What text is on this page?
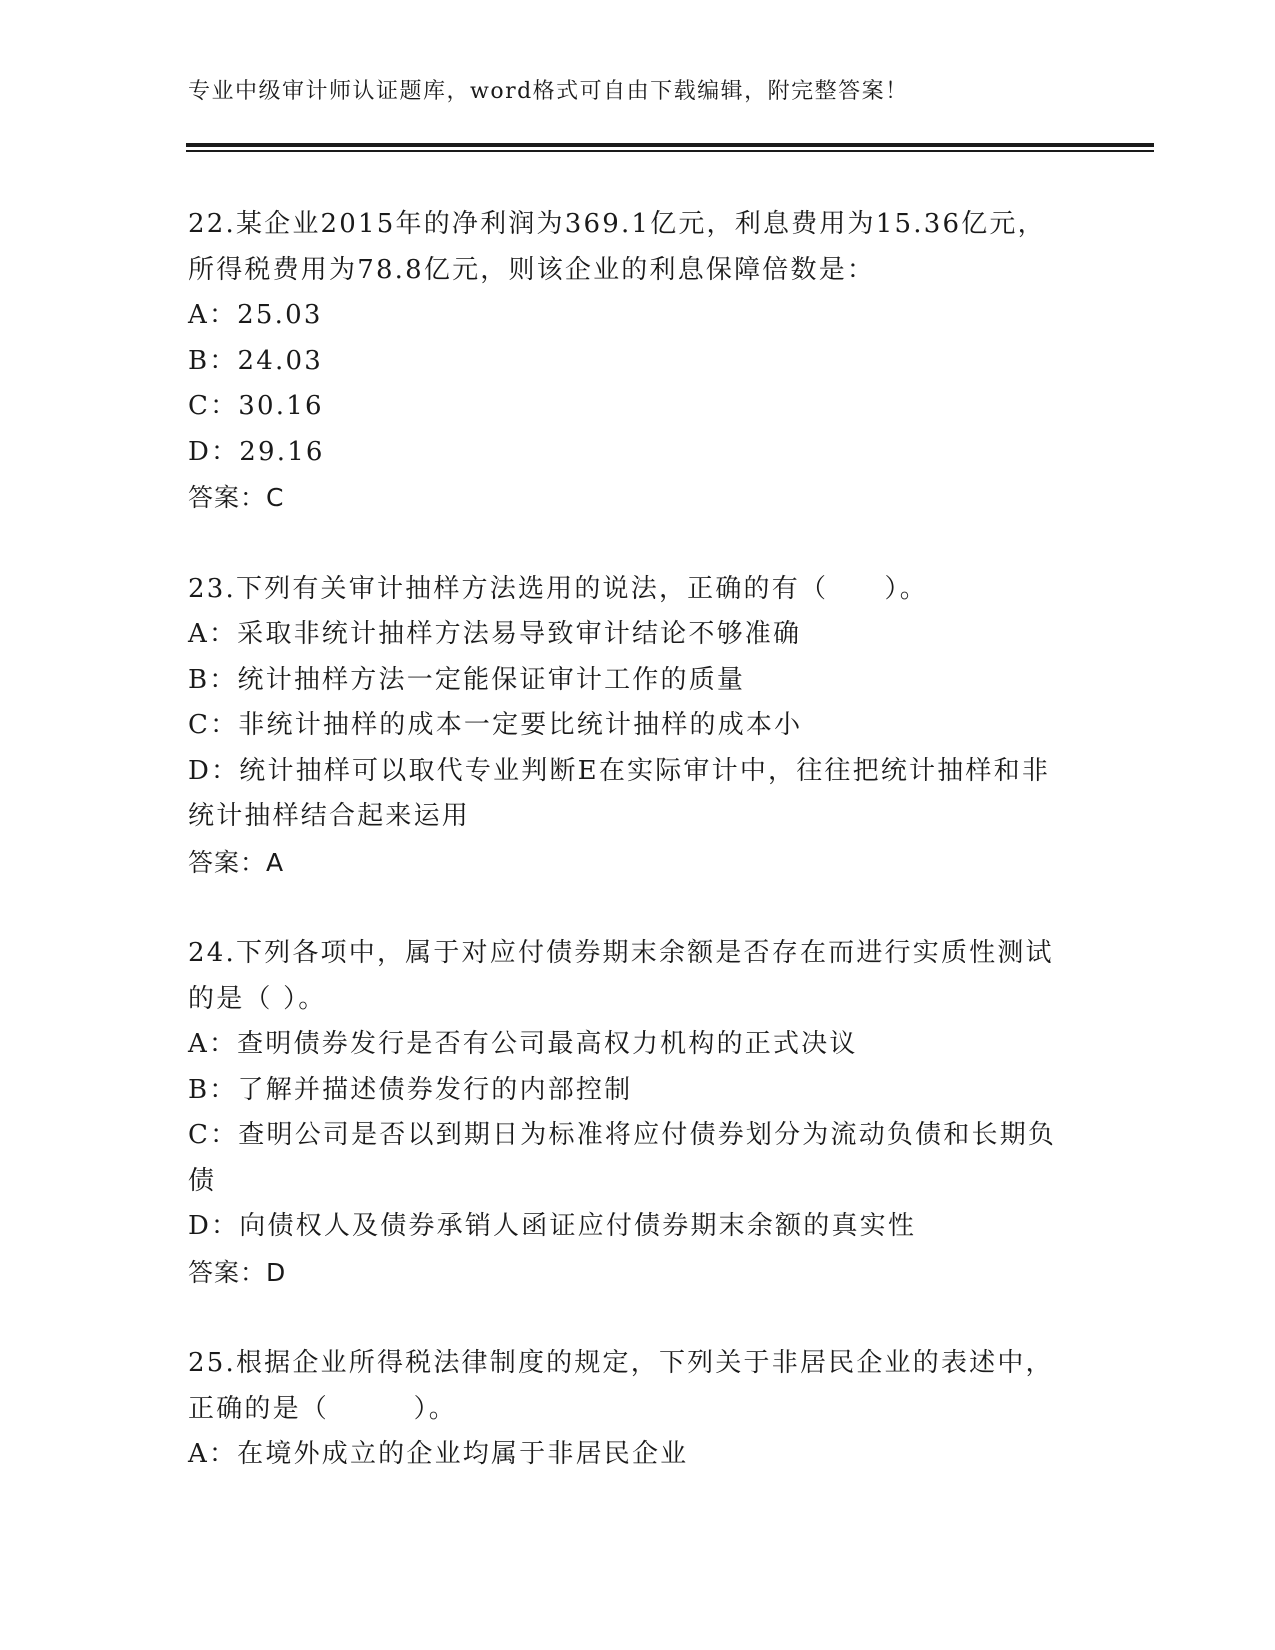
专业中级审计师认证题库，word格式可自由下载编辑，附完整答案！
22.某企业2015年的净利润为369.1亿元，利息费用为15.36亿元，
所得税费用为78.8亿元，则该企业的利息保障倍数是：
A：25.03
B：24.03
C：30.16
D：29.16
答案：C
23.下列有关审计抽样方法选用的说法，正确的有（　　）。
A：采取非统计抽样方法易导致审计结论不够准确
B：统计抽样方法一定能保证审计工作的质量
C：非统计抽样的成本一定要比统计抽样的成本小
D：统计抽样可以取代专业判断E在实际审计中，往往把统计抽样和非
统计抽样结合起来运用
答案：A
24.下列各项中，属于对应付债券期末余额是否存在而进行实质性测试
的是（ ）。
A：查明债券发行是否有公司最高权力机构的正式决议
B：了解并描述债券发行的内部控制
C：查明公司是否以到期日为标准将应付债券划分为流动负债和长期负
债
D：向债权人及债券承销人函证应付债券期末余额的真实性
答案：D
25.根据企业所得税法律制度的规定，下列关于非居民企业的表述中，
正确的是（　　　）。
A：在境外成立的企业均属于非居民企业
